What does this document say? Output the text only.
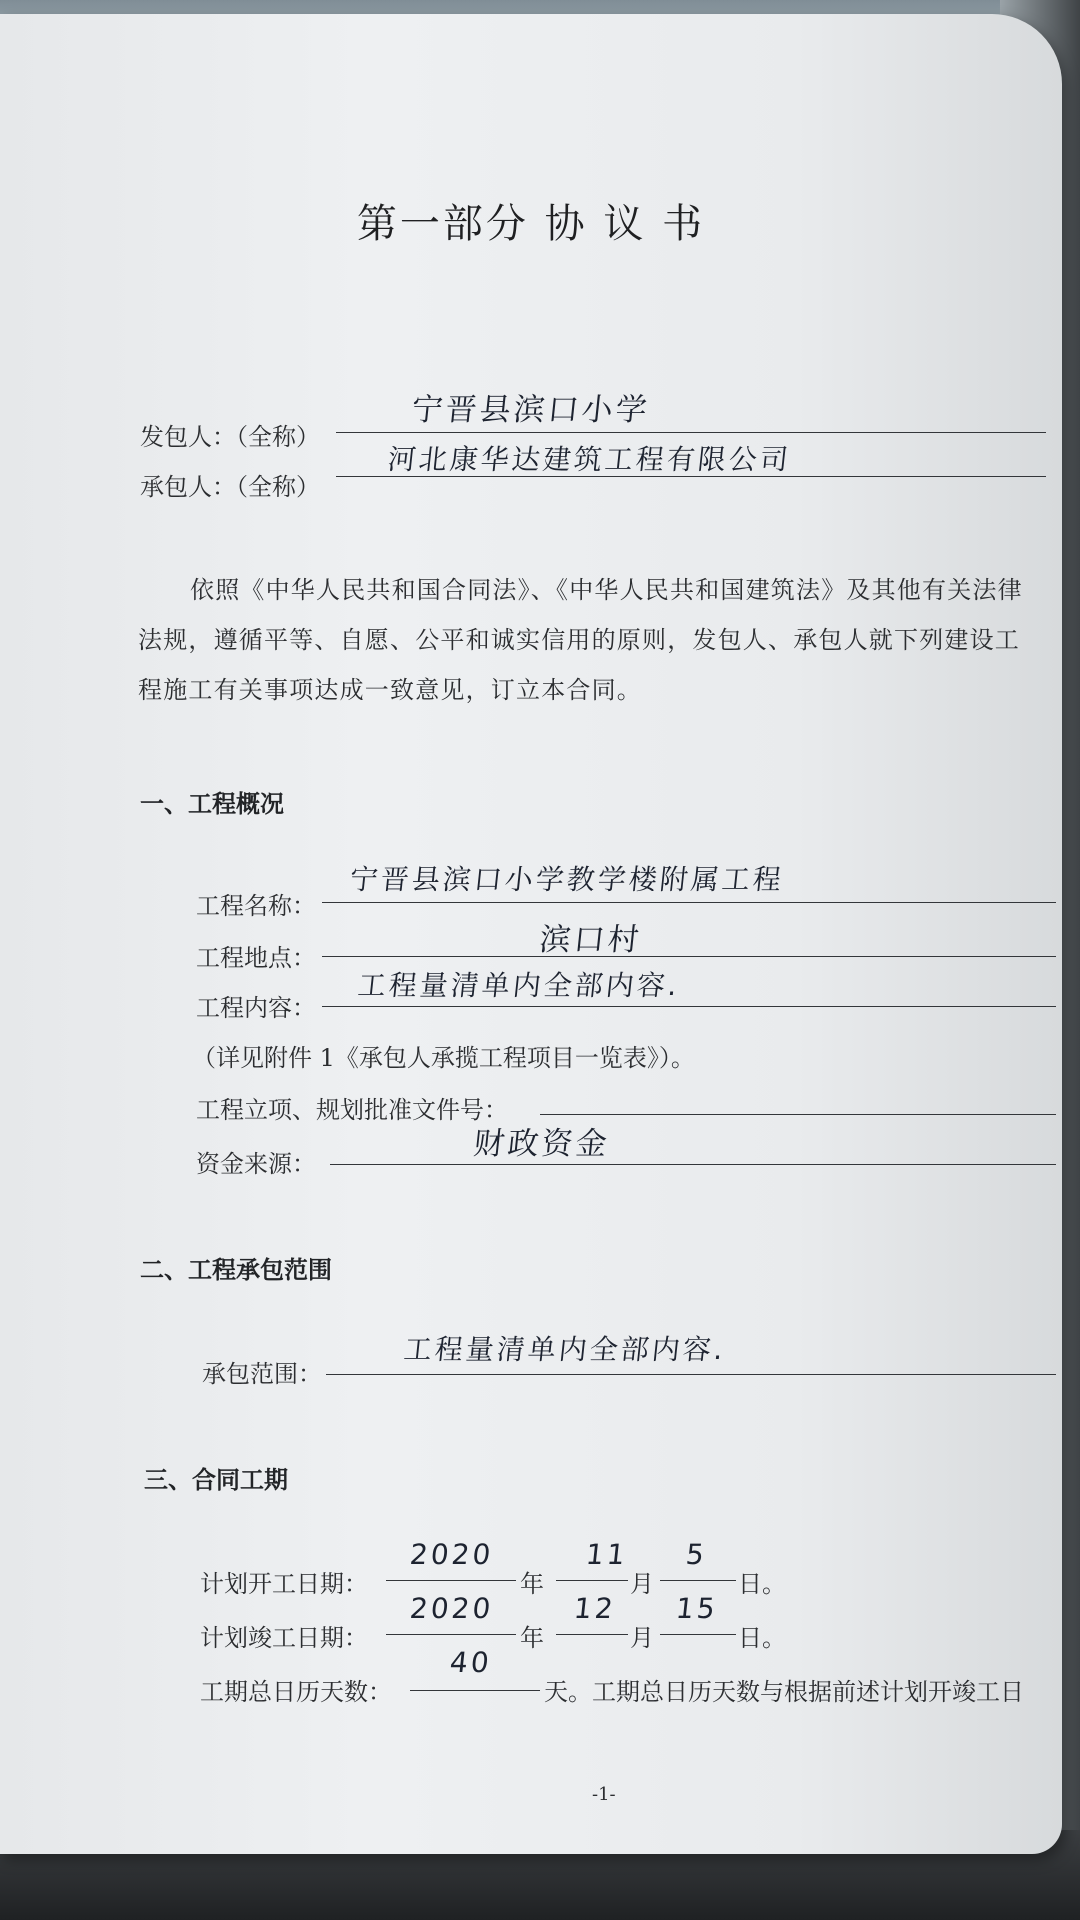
第一部分 协 议 书
发包人：（全称）
宁晋县滨口小学
承包人：（全称）
河北康华达建筑工程有限公司
依照《中华人民共和国合同法》、《中华人民共和国建筑法》及其他有关法律
法规，遵循平等、自愿、公平和诚实信用的原则，发包人、承包人就下列建设工
程施工有关事项达成一致意见，订立本合同。
一、工程概况
工程名称：
宁晋县滨口小学教学楼附属工程
工程地点：	滨口村
工程内容：
工程量清单内全部内容.
（详见附件 1《承包人承揽工程项目一览表》）。
工程立项、规划批准文件号：
资金来源：
财政资金
二、工程承包范围
承包范围：
工程量清单内全部内容.
三、合同工期
计划开工日期：
2020
年
11
月
5
日。
计划竣工日期：
2020
年
12
月
15
日。
工期总日历天数：
40
天。工期总日历天数与根据前述计划开竣工日
-1-
